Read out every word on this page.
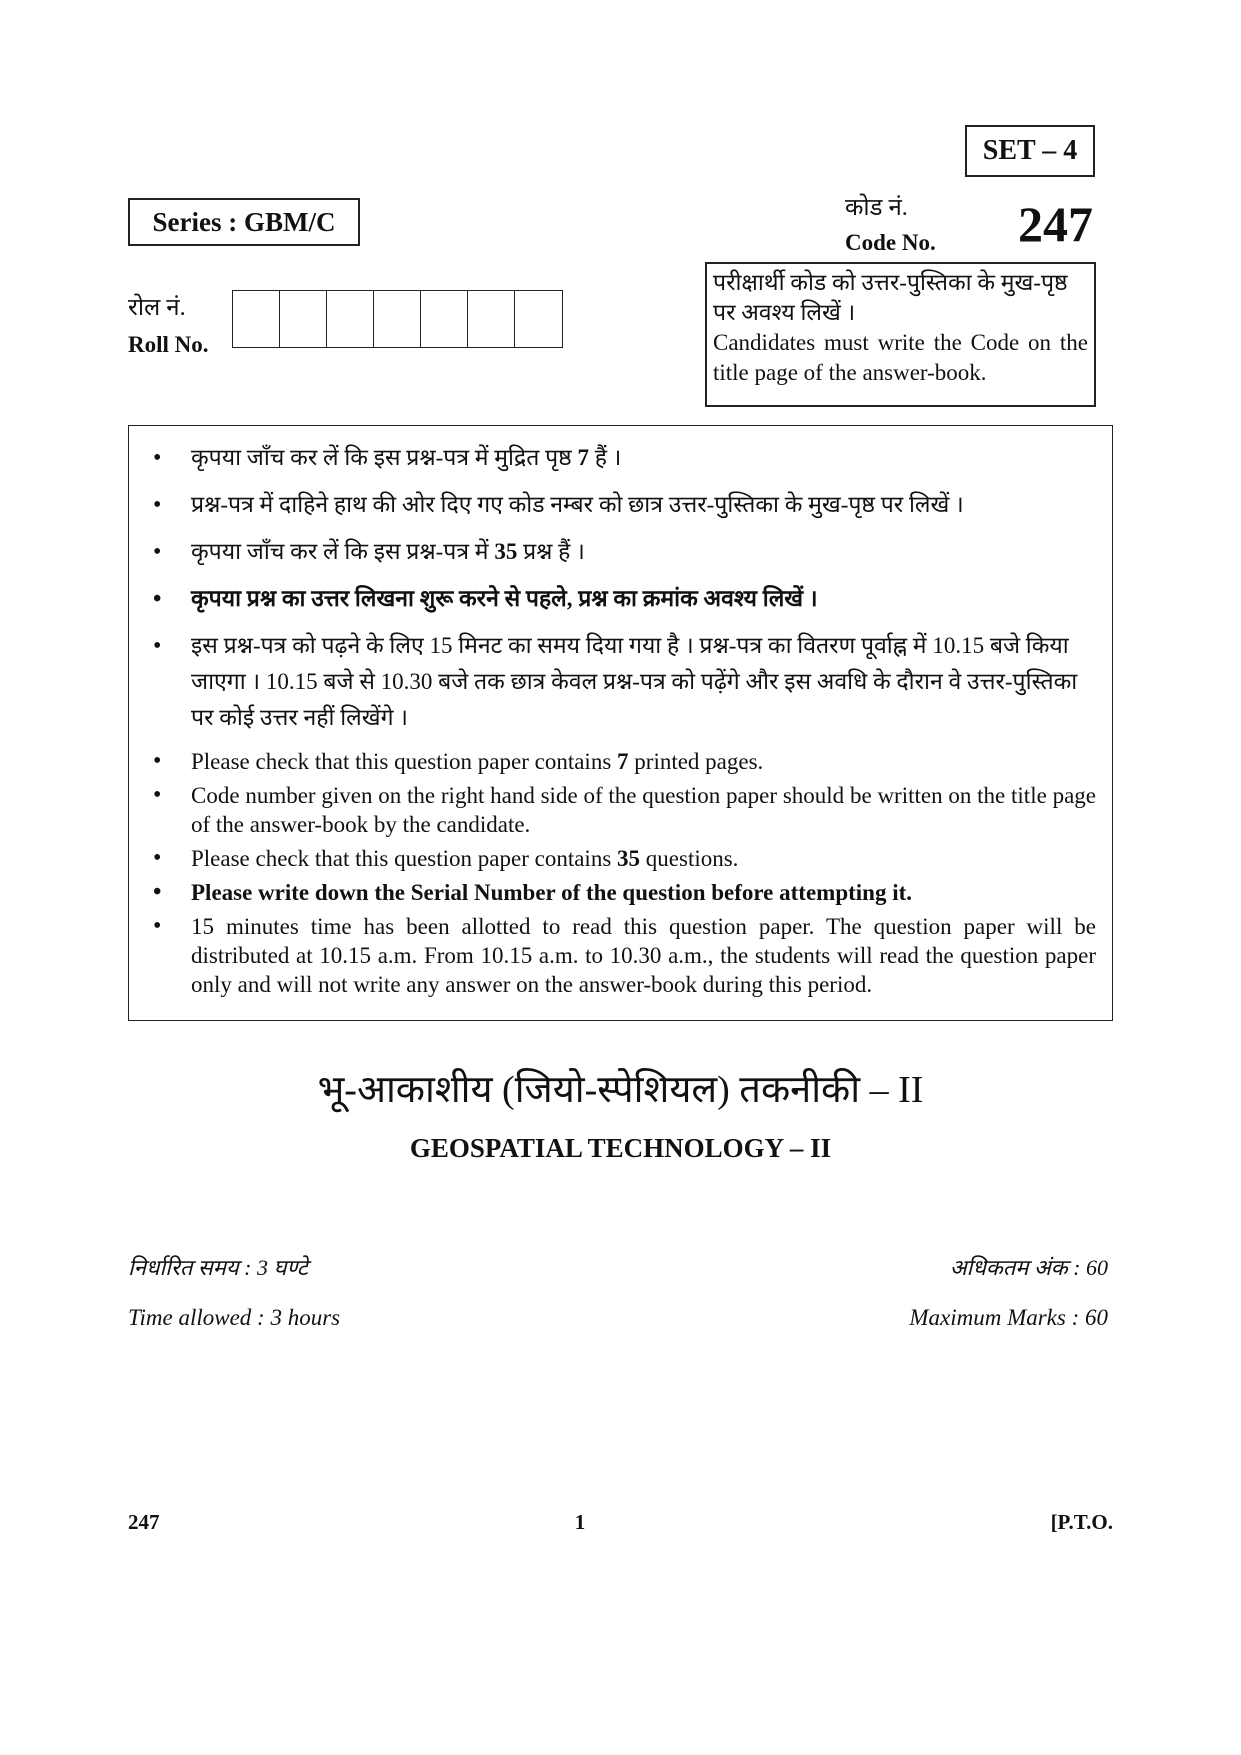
SET – 4
Series : GBM/C	कोड नं.
Code No. 247
रोल नं.
Roll No.
परीक्षार्थी कोड को उत्तर-पुस्तिका के मुख-पृष्ठ पर अवश्य लिखें ।
Candidates must write the Code on the title page of the answer-book.
• कृपया जाँच कर लें कि इस प्रश्न-पत्र में मुद्रित पृष्ठ 7 हैं ।
• प्रश्न-पत्र में दाहिने हाथ की ओर दिए गए कोड नम्बर को छात्र उत्तर-पुस्तिका के मुख-पृष्ठ पर लिखें ।
• कृपया जाँच कर लें कि इस प्रश्न-पत्र में 35 प्रश्न हैं ।
• कृपया प्रश्न का उत्तर लिखना शुरू करने से पहले, प्रश्न का क्रमांक अवश्य लिखें ।
• इस प्रश्न-पत्र को पढ़ने के लिए 15 मिनट का समय दिया गया है । प्रश्न-पत्र का वितरण पूर्वाह्न में 10.15 बजे किया जाएगा । 10.15 बजे से 10.30 बजे तक छात्र केवल प्रश्न-पत्र को पढ़ेंगे और इस अवधि के दौरान वे उत्तर-पुस्तिका पर कोई उत्तर नहीं लिखेंगे ।
• Please check that this question paper contains 7 printed pages.
• Code number given on the right hand side of the question paper should be written on the title page of the answer-book by the candidate.
• Please check that this question paper contains 35 questions.
• Please write down the Serial Number of the question before attempting it.
• 15 minutes time has been allotted to read this question paper. The question paper will be distributed at 10.15 a.m. From 10.15 a.m. to 10.30 a.m., the students will read the question paper only and will not write any answer on the answer-book during this period.
भू-आकाशीय (जियो-स्पेशियल) तकनीकी – II
GEOSPATIAL TECHNOLOGY – II
निर्धारित समय : 3 घण्टे
Time allowed : 3 hours
अधिकतम अंक : 60
Maximum Marks : 60
247	1	[P.T.O.
